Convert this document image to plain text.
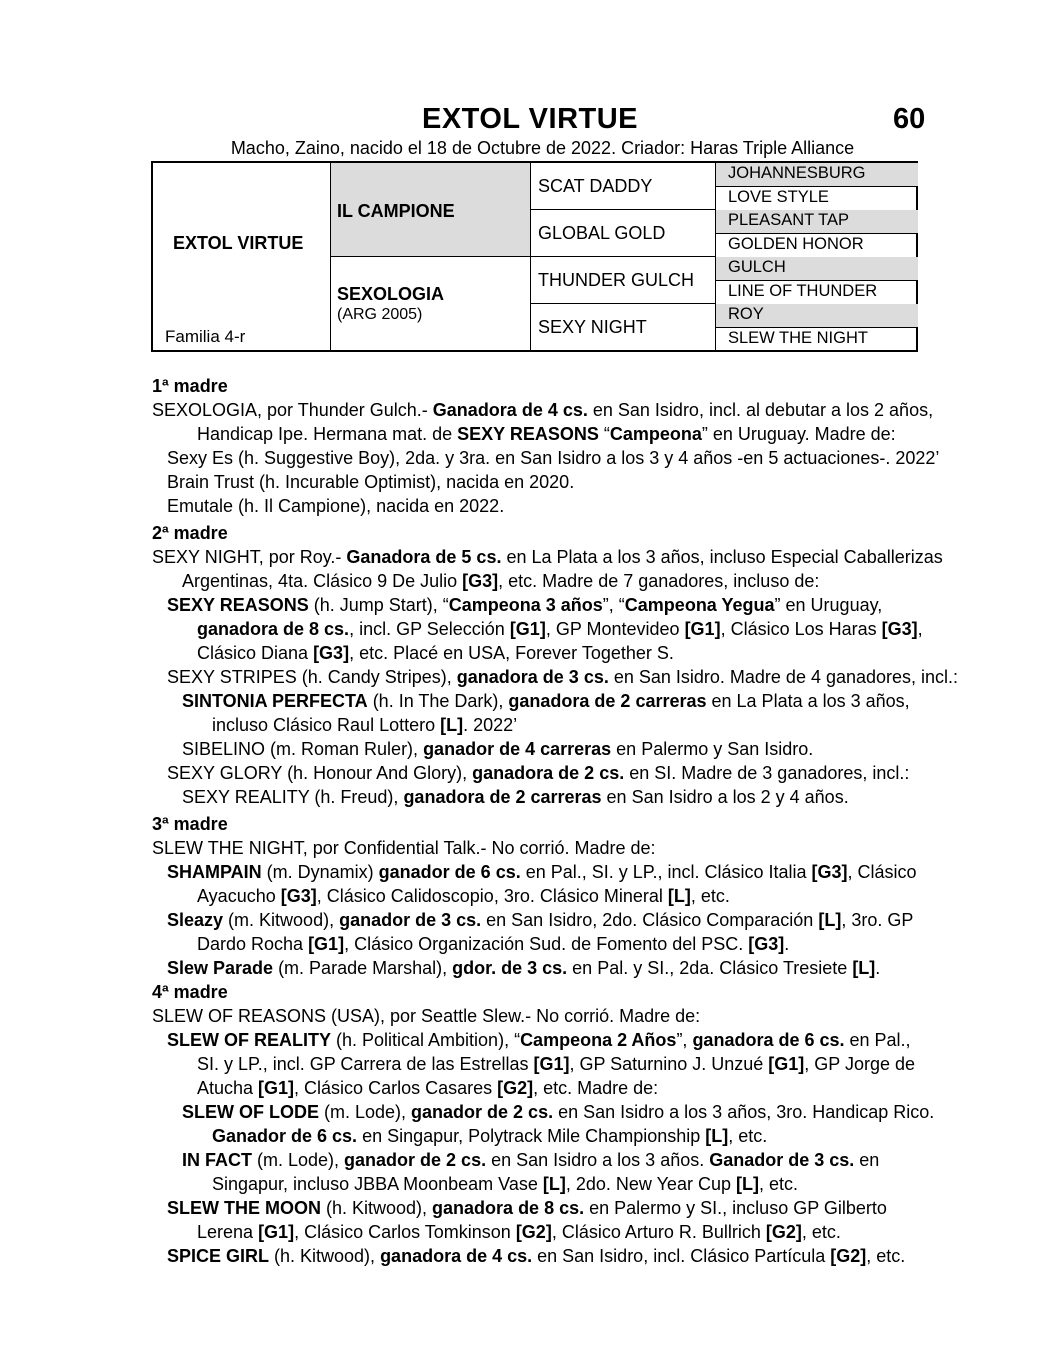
EXTOL VIRTUE	60
Macho, Zaino, nacido el 18 de Octubre de 2022. Criador: Haras Triple Alliance
EXTOL VIRTUE
Familia 4-r
IL CAMPIONE
SEXOLOGIA
(ARG 2005)
SCAT DADDY
GLOBAL GOLD
THUNDER GULCH
SEXY NIGHT
JOHANNESBURG
LOVE STYLE
PLEASANT TAP
GOLDEN HONOR
GULCH
LINE OF THUNDER
ROY
SLEW THE NIGHT
1ª madre
SEXOLOGIA, por Thunder Gulch.- Ganadora de 4 cs. en San Isidro, incl. al debutar a los 2 años,
Handicap Ipe. Hermana mat. de SEXY REASONS “Campeona” en Uruguay. Madre de:
Sexy Es (h. Suggestive Boy), 2da. y 3ra. en San Isidro a los 3 y 4 años -en 5 actuaciones-. 2022’
Brain Trust (h. Incurable Optimist), nacida en 2020.
Emutale (h. Il Campione), nacida en 2022.
2ª madre
SEXY NIGHT, por Roy.- Ganadora de 5 cs. en La Plata a los 3 años, incluso Especial Caballerizas
Argentinas, 4ta. Clásico 9 De Julio [G3], etc. Madre de 7 ganadores, incluso de:
SEXY REASONS (h. Jump Start), “Campeona 3 años”, “Campeona Yegua” en Uruguay,
ganadora de 8 cs., incl. GP Selección [G1], GP Montevideo [G1], Clásico Los Haras [G3],
Clásico Diana [G3], etc. Placé en USA, Forever Together S.
SEXY STRIPES (h. Candy Stripes), ganadora de 3 cs. en San Isidro. Madre de 4 ganadores, incl.:
SINTONIA PERFECTA (h. In The Dark), ganadora de 2 carreras en La Plata a los 3 años,
incluso Clásico Raul Lottero [L]. 2022’
SIBELINO (m. Roman Ruler), ganador de 4 carreras en Palermo y San Isidro.
SEXY GLORY (h. Honour And Glory), ganadora de 2 cs. en SI. Madre de 3 ganadores, incl.:
SEXY REALITY (h. Freud), ganadora de 2 carreras en San Isidro a los 2 y 4 años.
3ª madre
SLEW THE NIGHT, por Confidential Talk.- No corrió. Madre de:
SHAMPAIN (m. Dynamix) ganador de 6 cs. en Pal., SI. y LP., incl. Clásico Italia [G3], Clásico
Ayacucho [G3], Clásico Calidoscopio, 3ro. Clásico Mineral [L], etc.
Sleazy (m. Kitwood), ganador de 3 cs. en San Isidro, 2do. Clásico Comparación [L], 3ro. GP
Dardo Rocha [G1], Clásico Organización Sud. de Fomento del PSC. [G3].
Slew Parade (m. Parade Marshal), gdor. de 3 cs. en Pal. y SI., 2da. Clásico Tresiete [L].
4ª madre
SLEW OF REASONS (USA), por Seattle Slew.- No corrió. Madre de:
SLEW OF REALITY (h. Political Ambition), “Campeona 2 Años”, ganadora de 6 cs. en Pal.,
SI. y LP., incl. GP Carrera de las Estrellas [G1], GP Saturnino J. Unzué [G1], GP Jorge de
Atucha [G1], Clásico Carlos Casares [G2], etc. Madre de:
SLEW OF LODE (m. Lode), ganador de 2 cs. en San Isidro a los 3 años, 3ro. Handicap Rico.
Ganador de 6 cs. en Singapur, Polytrack Mile Championship [L], etc.
IN FACT (m. Lode), ganador de 2 cs. en San Isidro a los 3 años. Ganador de 3 cs. en
Singapur, incluso JBBA Moonbeam Vase [L], 2do. New Year Cup [L], etc.
SLEW THE MOON (h. Kitwood), ganadora de 8 cs. en Palermo y SI., incluso GP Gilberto
Lerena [G1], Clásico Carlos Tomkinson [G2], Clásico Arturo R. Bullrich [G2], etc.
SPICE GIRL (h. Kitwood), ganadora de 4 cs. en San Isidro, incl. Clásico Partícula [G2], etc.
